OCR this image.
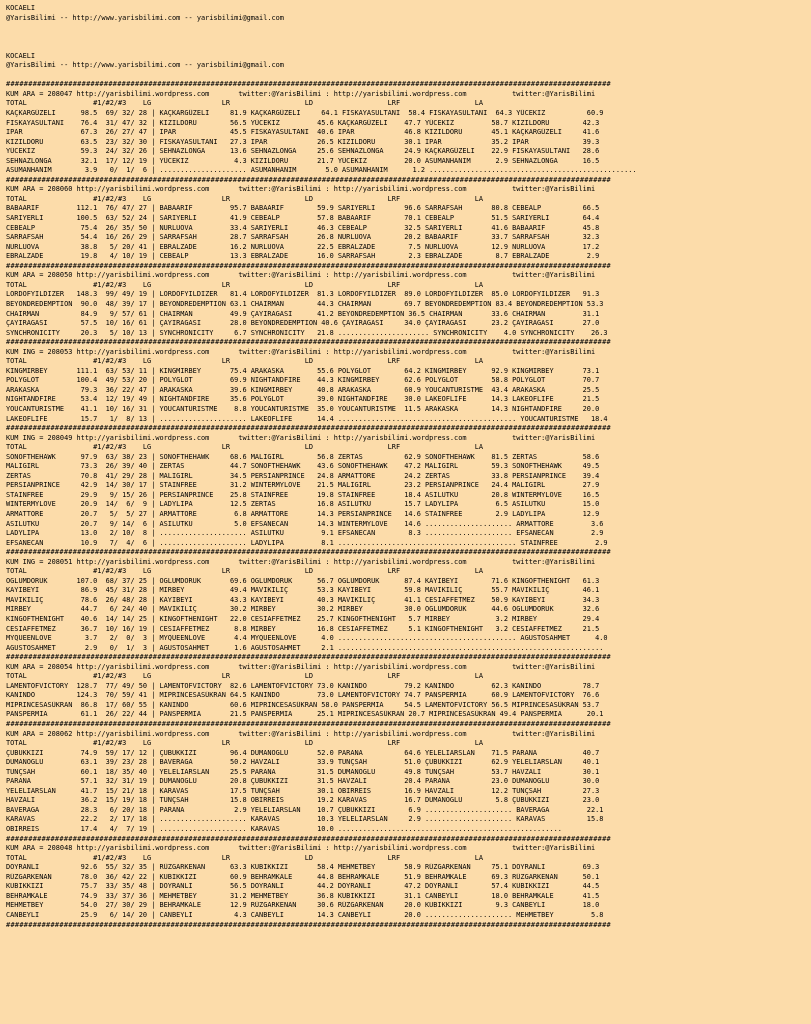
KOCAELI
@YarisBilimi -- http://www.yarisbilimi.com -- yarisbilimi@gmail.com
KOCAELI
@YarisBilimi -- http://www.yarisbilimi.com -- yarisbilimi@gmail.com
########################################################################################################################################
KUM ARA = 208047 http://yarisbilimi.wordpress.com       twitter:@YarisBilimi : http://yarisbilimi.wordpress.com           twitter:@YarisBilimi
TOTAL                #1/#2/#3    LG                 LR                  LD                  LRF                  LA
KAÇKARGÜZELI      98.5  69/ 32/ 28 | KAÇKARGÜZELI     81.9 KAÇKARGÜZELI     64.1 FISKAYASULTANI  58.4 FISKAYASULTANI  64.3 YÜCEKIZ          60.9
FISKAYASULTANI    76.4  31/ 47/ 32 | KIZILDORU        56.5 YÜCEKIZ         45.6 KAÇKARGÜZELI    47.7 YÜCEKIZ         58.7 KIZILDORU        42.3
IPAR              67.3  26/ 27/ 47 | IPAR             45.5 FISKAYASULTANI  40.6 IPAR            46.8 KIZILDORU       45.1 KAÇKARGÜZELI     41.6
KIZILDORU         63.5  23/ 32/ 30 | FISKAYASULTANI   27.3 IPAR            26.5 KIZILDORU       30.1 IPAR            35.2 IPAR             39.3
YÜCEKIZ           59.3  24/ 32/ 26 | SEHNAZLONGA      13.6 SEHNAZLONGA     25.6 SEHNAZLONGA     24.9 KAÇKARGÜZELI    22.9 FISKAYASULTANI   28.6
SEHNAZLONGA       32.1  17/ 12/ 19 | YÜCEKIZ           4.3 KIZILDORU       21.7 YÜCEKIZ         20.0 ASUMANHANIM      2.9 SEHNAZLONGA      16.5
ASUMANHANIM        3.9   0/  1/  6 | ..................... ASUMANHANIM       5.0 ASUMANHANIM      1.2 ..................................................
########################################################################################################################################
KUM ARA = 208060 http://yarisbilimi.wordpress.com       twitter:@YarisBilimi : http://yarisbilimi.wordpress.com           twitter:@YarisBilimi
TOTAL                #1/#2/#3    LG                 LR                  LD                  LRF                  LA
BABAARIF         112.1  76/ 47/ 27 | BABAARIF         95.7 BABAARIF        59.9 SARIYERLI       96.6 SARRAFSAH       80.8 CEBEALP          66.5
SARIYERLI        100.5  63/ 52/ 24 | SARIYERLI        41.9 CEBEALP         57.8 BABAARIF        70.1 CEBEALP         51.5 SARIYERLI        64.4
CEBEALP           75.4  26/ 35/ 50 | NURLUOVA         33.4 SARIYERLI       46.3 CEBEALP         32.5 SARIYERLI       41.6 BABAARIF         45.8
SARRAFSAH         54.4  16/ 26/ 29 | SARRAFSAH        28.7 SARRAFSAH       26.8 NURLUOVA        20.2 BABAARIF        33.7 SARRAFSAH        32.3
NURLUOVA          38.8   5/ 20/ 41 | EBRALZADE        16.2 NURLUOVA        22.5 EBRALZADE        7.5 NURLUOVA        12.9 NURLUOVA         17.2
EBRALZADE         19.8   4/ 10/ 19 | CEBEALP          13.3 EBRALZADE       16.0 SARRAFSAH        2.3 EBRALZADE        8.7 EBRALZADE         2.9
########################################################################################################################################
KUM ARA = 208050 http://yarisbilimi.wordpress.com       twitter:@YarisBilimi : http://yarisbilimi.wordpress.com           twitter:@YarisBilimi
TOTAL                #1/#2/#3    LG                 LR                  LD                  LRF                  LA
LORDOFYILDIZER   148.3  99/ 49/ 19 | LORDOFYILDIZER   81.4 LORDOFYILDIZER  81.3 LORDOFYILDIZER  89.0 LORDOFYILDIZER  85.0 LORDOFYILDIZER   91.3
BEYONDREDEMPTION  90.0  48/ 39/ 17 | BEYONDREDEMPTION 63.1 CHAIRMAN        44.3 CHAIRMAN        69.7 BEYONDREDEMPTION 83.4 BEYONDREDEMPTION 53.3
CHAIRMAN          84.9   9/ 57/ 61 | CHAIRMAN         49.9 ÇAYIRAGASI      41.2 BEYONDREDEMPTION 36.5 CHAIRMAN       33.6 CHAIRMAN         31.1
ÇAYIRAGASI        57.5  10/ 16/ 61 | ÇAYIRAGASI       28.0 BEYONDREDEMPTION 40.6 ÇAYIRAGASI     34.0 ÇAYIRAGASI      23.2 ÇAYIRAGASI       27.0
SYNCHRONICITY     20.3   5/ 10/ 13 | SYNCHRONICITY     6.7 SYNCHRONICITY   21.8 ...................... SYNCHRONICITY    4.0 SYNCHRONICITY    26.3
########################################################################################################################################
KUM ING = 208053 http://yarisbilimi.wordpress.com       twitter:@YarisBilimi : http://yarisbilimi.wordpress.com           twitter:@YarisBilimi
TOTAL                #1/#2/#3    LG                 LR                  LD                  LRF                  LA
KINGMIRBEY       111.1  63/ 53/ 11 | KINGMIRBEY       75.4 ARAKASKA        55.6 POLYGLOT        64.2 KINGMIRBEY      92.9 KINGMIRBEY       73.1
POLYGLOT         100.4  49/ 53/ 20 | POLYGLOT         69.9 NIGHTANDFIRE    44.3 KINGMIRBEY      62.6 POLYGLOT        58.8 POLYGLOT         70.7
ARAKASKA          79.3  36/ 22/ 47 | ARAKASKA         39.6 KINGMIRBEY      40.8 ARAKASKA        60.9 YOUCANTURISTME  43.4 ARAKASKA         25.5
NIGHTANDFIRE      53.4  12/ 19/ 49 | NIGHTANDFIRE     35.6 POLYGLOT        39.0 NIGHTANDFIRE    30.0 LAKEOFLIFE      14.3 LAKEOFLIFE       21.5
YOUCANTURISTME    41.1  10/ 16/ 31 | YOUCANTURISTME    8.8 YOUCANTURISTME  35.0 YOUCANTURISTME  11.5 ARAKASKA        14.3 NIGHTANDFIRE     20.0
LAKEOFLIFE        15.7   1/  8/ 13 | ..................... LAKEOFLIFE      14.4 ........................................... YOUCANTURISTME   18.4
########################################################################################################################################
KUM ING = 208049 http://yarisbilimi.wordpress.com       twitter:@YarisBilimi : http://yarisbilimi.wordpress.com           twitter:@YarisBilimi
TOTAL                #1/#2/#3    LG                 LR                  LD                  LRF                  LA
SONOFTHEHAWK      97.9  63/ 38/ 23 | SONOFTHEHAWK     68.6 MALIGIRL        56.8 ZERTAS          62.9 SONOFTHEHAWK    81.5 ZERTAS           58.6
MALIGIRL          73.3  26/ 39/ 40 | ZERTAS           44.7 SONOFTHEHAWK    43.6 SONOFTHEHAWK    47.2 MALIGIRL        59.3 SONOFTHEHAWK     49.5
ZERTAS            70.8  41/ 29/ 28 | MALIGIRL         34.5 PERSIANPRINCE   24.8 ARMATTORE       24.2 ZERTAS          33.8 PERSIANPRINCE    39.4
PERSIANPRINCE     42.9  14/ 30/ 17 | STAINFREE        31.2 WINTERMYLOVE    21.5 MALIGIRL        23.2 PERSIANPRINCE   24.4 MALIGIRL         27.9
STAINFREE         29.9   9/ 15/ 26 | PERSIANPRINCE    25.8 STAINFREE       19.8 STAINFREE       18.4 ASILUTKU        20.8 WINTERMYLOVE     16.5
WINTERMYLOVE      20.9  14/  6/  9 | LADYLIPA         12.5 ZERTAS          16.8 ASILUTKU        15.7 LADYLIPA         6.5 ASILUTKU         15.0
ARMATTORE         20.7   5/  5/ 27 | ARMATTORE         6.8 ARMATTORE       14.3 PERSIANPRINCE   14.6 STAINFREE        2.9 LADYLIPA         12.9
ASILUTKU          20.7   9/ 14/  6 | ASILUTKU          5.0 EFSANECAN       14.3 WINTERMYLOVE    14.6 ..................... ARMATTORE         3.6
LADYLIPA          13.0   2/ 10/  8 | ..................... ASILUTKU         9.1 EFSANECAN        8.3 ..................... EFSANECAN         2.9
EFSANECAN         10.9   7/  4/  6 | ..................... LADYLIPA         8.1 ........................................... STAINFREE         2.9
########################################################################################################################################
KUM ING = 208051 http://yarisbilimi.wordpress.com       twitter:@YarisBilimi : http://yarisbilimi.wordpress.com           twitter:@YarisBilimi
TOTAL                #1/#2/#3    LG                 LR                  LD                  LRF                  LA
OGLUMDORUK       107.0  68/ 37/ 25 | OGLUMDORUK       69.6 OGLUMDORUK      56.7 OGLUMDORUK      87.4 KAYIBEYI        71.6 KINGOFTHENIGHT   61.3
KAYIBEYI          86.9  45/ 31/ 28 | MIRBEY           49.4 MAVIKILIÇ       53.3 KAYIBEYI        59.8 MAVIKILIÇ       55.7 MAVIKILIÇ        46.1
MAVIKILIÇ         78.6  26/ 48/ 28 | KAYIBEYI         43.3 KAYIBEYI        40.3 MAVIKILIÇ       41.1 CESIAFFETMEZ    50.9 KAYIBEYI         34.3
MIRBEY            44.7   6/ 24/ 40 | MAVIKILIÇ        30.2 MIRBEY          30.2 MIRBEY          30.0 OGLUMDORUK      44.6 OGLUMDORUK       32.6
KINGOFTHENIGHT    40.6  14/ 14/ 25 | KINGOFTHENIGHT   22.0 CESIAFFETMEZ    25.7 KINGOFTHENIGHT   5.7 MIRBEY           3.2 MIRBEY           29.4
CESIAFFETMEZ      36.7  10/ 16/ 19 | CESIAFFETMEZ      8.8 MIRBEY          16.8 CESIAFFETMEZ     5.1 KINGOFTHENIGHT   3.2 CESIAFFETMEZ     21.5
MYQUEENLOVE        3.7   2/  0/  3 | MYQUEENLOVE       4.4 MYQUEENLOVE      4.0 ........................................... AGUSTOSAHMET      4.0
AGUSTOSAHMET       2.9   0/  1/  3 | AGUSTOSAHMET      1.6 AGUSTOSAHMET     2.1 ................................................................
########################################################################################################################################
KUM ARA = 208054 http://yarisbilimi.wordpress.com       twitter:@YarisBilimi : http://yarisbilimi.wordpress.com           twitter:@YarisBilimi
TOTAL                #1/#2/#3    LG                 LR                  LD                  LRF                  LA
LAMENTOFVICTORY  128.7  77/ 49/ 50 | LAMENTOFVICTORY  82.6 LAMENTOFVICTORY 73.0 KANINDO         79.2 KANINDO         62.3 KANINDO          78.7
KANINDO          124.3  70/ 59/ 41 | MIPRINCESASÜKRAN 64.5 KANINDO         73.0 LAMENTOFVICTORY 74.7 PANSPERMIA      60.9 LAMENTOFVICTORY  76.6
MIPRINCESASÜKRAN  86.8  17/ 60/ 55 | KANINDO          60.6 MIPRINCESASÜKRAN 58.0 PANSPERMIA     54.5 LAMENTOFVICTORY 56.5 MIPRINCESASÜKRAN 53.7
PANSPERMIA        61.1  26/ 22/ 44 | PANSPERMIA       21.5 PANSPERMIA      25.1 MIPRINCESASÜKRAN 20.7 MIPRINCESASÜKRAN 49.4 PANSPERMIA      20.1
########################################################################################################################################
KUM ARA = 208062 http://yarisbilimi.wordpress.com       twitter:@YarisBilimi : http://yarisbilimi.wordpress.com           twitter:@YarisBilimi
TOTAL                #1/#2/#3    LG                 LR                  LD                  LRF                  LA
ÇUBUKKIZI         74.9  59/ 17/ 12 | ÇUBUKKIZI        96.4 DUMANOGLU       52.0 PARANA          64.6 YELELIARSLAN    71.5 PARANA           40.7
DUMANOGLU         63.1  39/ 23/ 28 | BAVERAGA         50.2 HAVZALI         33.9 TUNÇSAH         51.0 ÇUBUKKIZI       62.9 YELELIARSLAN     40.1
TUNÇSAH           60.1  18/ 35/ 40 | YELELIARSLAN     25.5 PARANA          31.5 DUMANOGLU       49.8 TUNÇSAH         53.7 HAVZALI          30.1
PARANA            57.1  32/ 31/ 19 | DUMANOGLU        20.8 ÇUBUKKIZI       31.5 HAVZALI         20.4 PARANA          23.0 DUMANOGLU        30.0
YELELIARSLAN      41.7  15/ 21/ 18 | KARAVAS          17.5 TUNÇSAH         30.1 OBIRREIS        16.9 HAVZALI         12.2 TUNÇSAH          27.3
HAVZALI           36.2  15/ 19/ 18 | TUNÇSAH          15.8 OBIRREIS        19.2 KARAVAS         16.7 DUMANOGLU        5.8 ÇUBUKKIZI        23.0
BAVERAGA          28.3   6/ 20/ 18 | PARANA            2.9 YELELIARSLAN    10.7 ÇUBUKKIZI        6.9 ..................... BAVERAGA         22.1
KARAVAS           22.2   2/ 17/ 18 | ..................... KARAVAS         10.3 YELELIARSLAN     2.9 ..................... KARAVAS          15.8
OBIRREIS          17.4   4/  7/ 19 | ..................... KARAVAS         10.0 ......................................................
########################################################################################################################################
KUM ARA = 208048 http://yarisbilimi.wordpress.com       twitter:@YarisBilimi : http://yarisbilimi.wordpress.com           twitter:@YarisBilimi
TOTAL                #1/#2/#3    LG                 LR                  LD                  LRF                  LA
DOYRANLI          92.6  55/ 32/ 35 | RÜZGARKENAN      63.3 KUBIKKIZI       58.4 MEHMETBEY       58.9 RÜZGARKENAN     75.1 DOYRANLI         69.3
RÜZGARKENAN       78.0  36/ 42/ 22 | KUBIKKIZI        60.9 BEHRAMKALE      44.8 BEHRAMKALE      51.9 BEHRAMKALE      69.3 RÜZGARKENAN      50.1
KUBIKKIZI         75.7  33/ 35/ 48 | DOYRANLI         56.5 DOYRANLI        44.2 DOYRANLI        47.2 DOYRANLI        57.4 KUBIKKIZI        44.5
BEHRAMKALE        74.9  33/ 37/ 36 | MEHMETBEY        31.2 MEHMETBEY       36.8 KUBIKKIZI       31.1 CANBEYLI        18.0 BEHRAMKALE       41.5
MEHMETBEY         54.0  27/ 30/ 29 | BEHRAMKALE       12.9 RÜZGARKENAN     30.6 RÜZGARKENAN     20.0 KUBIKKIZI        9.3 CANBEYLI         18.0
CANBEYLI          25.9   6/ 14/ 20 | CANBEYLI          4.3 CANBEYLI        14.3 CANBEYLI        20.0 ..................... MEHMETBEY         5.8
########################################################################################################################################
